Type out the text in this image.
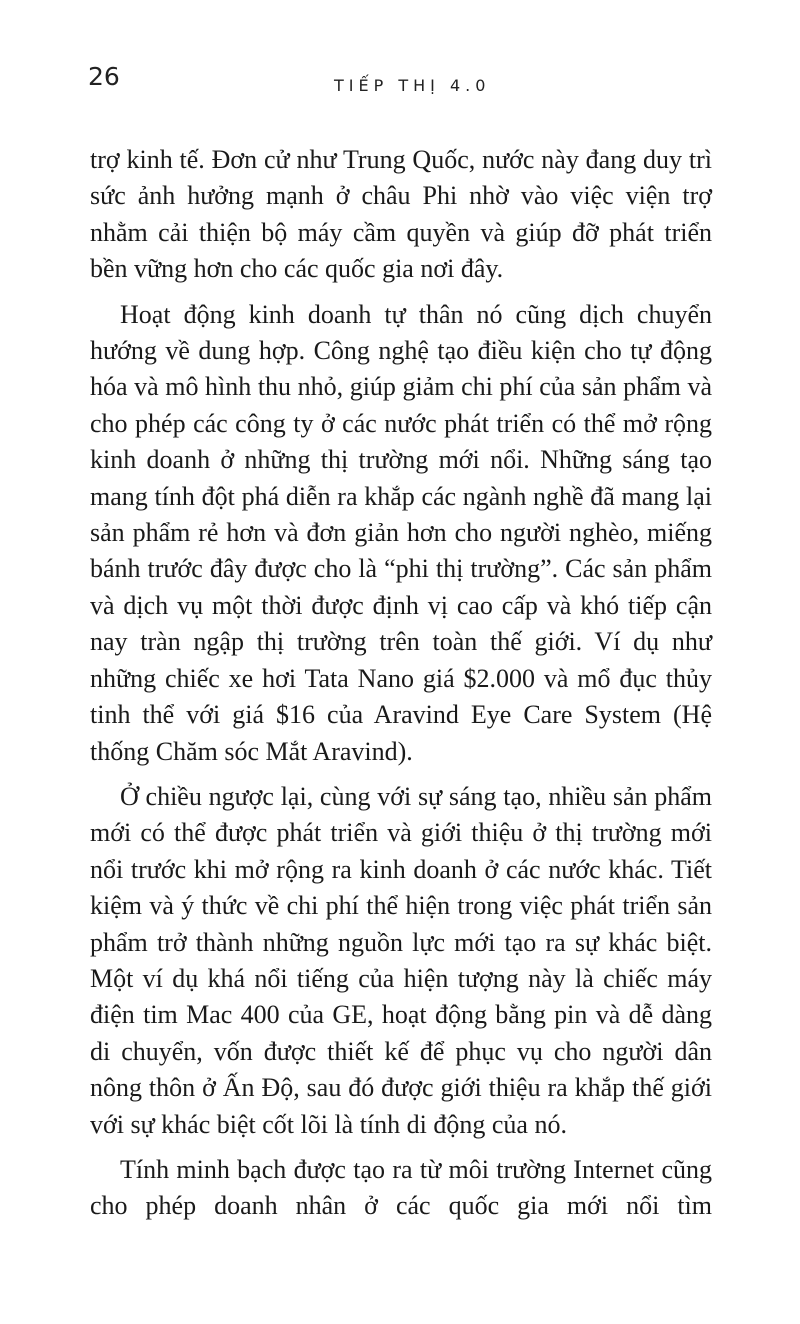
26	TIẾP THỊ 4.0

trợ kinh tế. Đơn cử như Trung Quốc, nước này đang duy trì sức ảnh hưởng mạnh ở châu Phi nhờ vào việc viện trợ nhằm cải thiện bộ máy cầm quyền và giúp đỡ phát triển bền vững hơn cho các quốc gia nơi đây.

Hoạt động kinh doanh tự thân nó cũng dịch chuyển hướng về dung hợp. Công nghệ tạo điều kiện cho tự động hóa và mô hình thu nhỏ, giúp giảm chi phí của sản phẩm và cho phép các công ty ở các nước phát triển có thể mở rộng kinh doanh ở những thị trường mới nổi. Những sáng tạo mang tính đột phá diễn ra khắp các ngành nghề đã mang lại sản phẩm rẻ hơn và đơn giản hơn cho người nghèo, miếng bánh trước đây được cho là “phi thị trường”. Các sản phẩm và dịch vụ một thời được định vị cao cấp và khó tiếp cận nay tràn ngập thị trường trên toàn thế giới. Ví dụ như những chiếc xe hơi Tata Nano giá $2.000 và mổ đục thủy tinh thể với giá $16 của Aravind Eye Care System (Hệ thống Chăm sóc Mắt Aravind).

Ở chiều ngược lại, cùng với sự sáng tạo, nhiều sản phẩm mới có thể được phát triển và giới thiệu ở thị trường mới nổi trước khi mở rộng ra kinh doanh ở các nước khác. Tiết kiệm và ý thức về chi phí thể hiện trong việc phát triển sản phẩm trở thành những nguồn lực mới tạo ra sự khác biệt. Một ví dụ khá nổi tiếng của hiện tượng này là chiếc máy điện tim Mac 400 của GE, hoạt động bằng pin và dễ dàng di chuyển, vốn được thiết kế để phục vụ cho người dân nông thôn ở Ấn Độ, sau đó được giới thiệu ra khắp thế giới với sự khác biệt cốt lõi là tính di động của nó.

Tính minh bạch được tạo ra từ môi trường Internet cũng cho phép doanh nhân ở các quốc gia mới nổi tìm
